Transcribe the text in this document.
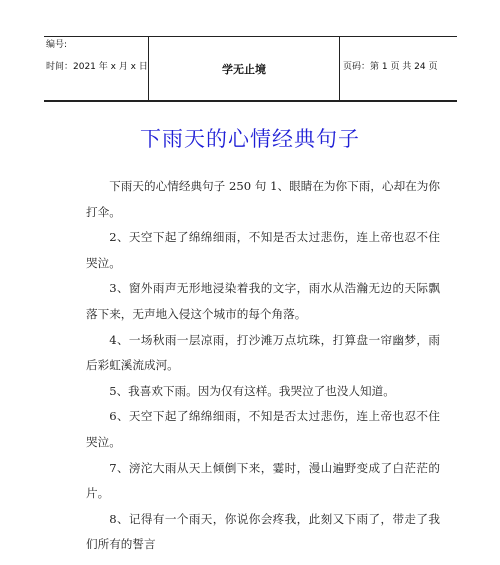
编号:
时间：2021 年 x 月 x 日	学无止境	页码：第 1 页 共 24 页
下雨天的心情经典句子

下雨天的心情经典句子 250 句 1、眼睛在为你下雨，心却在为你打伞。

2、天空下起了绵绵细雨，不知是否太过悲伤，连上帝也忍不住哭泣。

3、窗外雨声无形地浸染着我的文字，雨水从浩瀚无边的天际飘落下来，无声地入侵这个城市的每个角落。

4、一场秋雨一层凉雨，打沙滩万点坑珠，打算盘一帘幽梦，雨后彩虹溪流成河。

5、我喜欢下雨。因为仅有这样。我哭泣了也没人知道。

6、天空下起了绵绵细雨，不知是否太过悲伤，连上帝也忍不住哭泣。

7、滂沱大雨从天上倾倒下来，霎时，漫山遍野变成了白茫茫的片。

8、记得有一个雨天，你说你会疼我，此刻又下雨了，带走了我们所有的誓言
